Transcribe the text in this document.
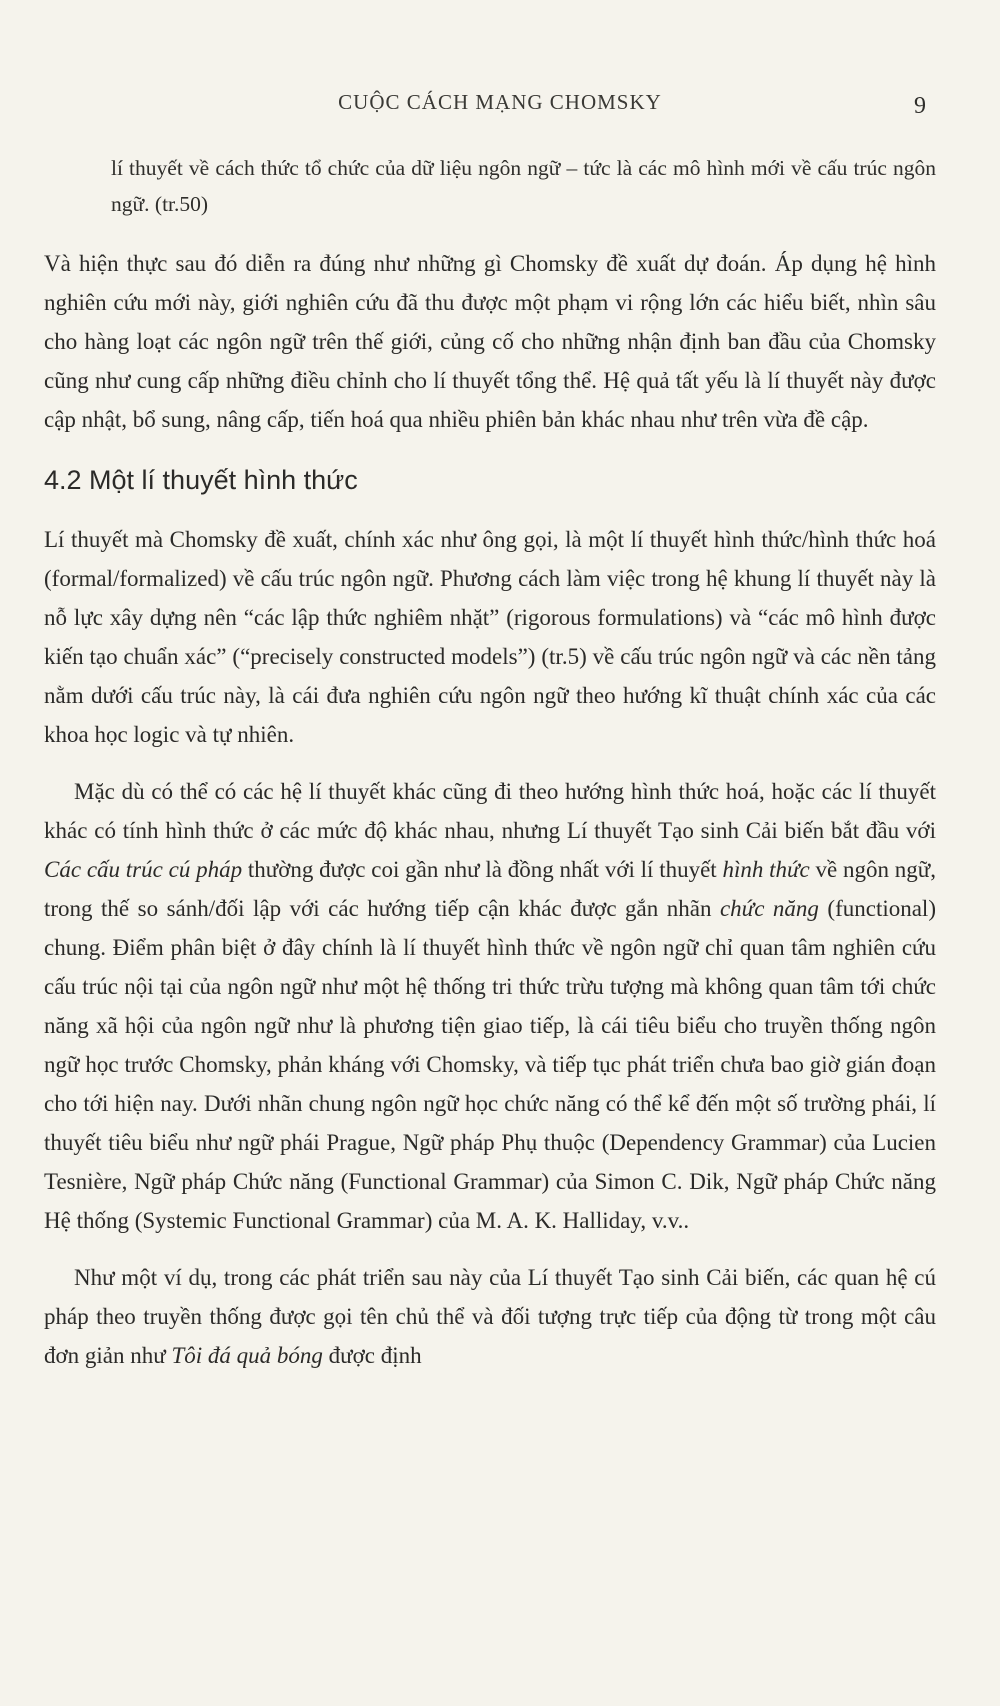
CUỘC CÁCH MẠNG CHOMSKY	9

lí thuyết về cách thức tổ chức của dữ liệu ngôn ngữ – tức là các mô hình mới về cấu trúc ngôn ngữ. (tr.50)

Và hiện thực sau đó diễn ra đúng như những gì Chomsky đề xuất dự đoán. Áp dụng hệ hình nghiên cứu mới này, giới nghiên cứu đã thu được một phạm vi rộng lớn các hiểu biết, nhìn sâu cho hàng loạt các ngôn ngữ trên thế giới, củng cố cho những nhận định ban đầu của Chomsky cũng như cung cấp những điều chỉnh cho lí thuyết tổng thể. Hệ quả tất yếu là lí thuyết này được cập nhật, bổ sung, nâng cấp, tiến hoá qua nhiều phiên bản khác nhau như trên vừa đề cập.

4.2 Một lí thuyết hình thức

Lí thuyết mà Chomsky đề xuất, chính xác như ông gọi, là một lí thuyết hình thức/hình thức hoá (formal/formalized) về cấu trúc ngôn ngữ. Phương cách làm việc trong hệ khung lí thuyết này là nỗ lực xây dựng nên “các lập thức nghiêm nhặt” (rigorous formulations) và “các mô hình được kiến tạo chuẩn xác” (“precisely constructed models”) (tr.5) về cấu trúc ngôn ngữ và các nền tảng nằm dưới cấu trúc này, là cái đưa nghiên cứu ngôn ngữ theo hướng kĩ thuật chính xác của các khoa học logic và tự nhiên.

Mặc dù có thể có các hệ lí thuyết khác cũng đi theo hướng hình thức hoá, hoặc các lí thuyết khác có tính hình thức ở các mức độ khác nhau, nhưng Lí thuyết Tạo sinh Cải biến bắt đầu với Các cấu trúc cú pháp thường được coi gần như là đồng nhất với lí thuyết hình thức về ngôn ngữ, trong thế so sánh/đối lập với các hướng tiếp cận khác được gắn nhãn chức năng (functional) chung. Điểm phân biệt ở đây chính là lí thuyết hình thức về ngôn ngữ chỉ quan tâm nghiên cứu cấu trúc nội tại của ngôn ngữ như một hệ thống tri thức trừu tượng mà không quan tâm tới chức năng xã hội của ngôn ngữ như là phương tiện giao tiếp, là cái tiêu biểu cho truyền thống ngôn ngữ học trước Chomsky, phản kháng với Chomsky, và tiếp tục phát triển chưa bao giờ gián đoạn cho tới hiện nay. Dưới nhãn chung ngôn ngữ học chức năng có thể kể đến một số trường phái, lí thuyết tiêu biểu như ngữ phái Prague, Ngữ pháp Phụ thuộc (Dependency Grammar) của Lucien Tesnière, Ngữ pháp Chức năng (Functional Grammar) của Simon C. Dik, Ngữ pháp Chức năng Hệ thống (Systemic Functional Grammar) của M. A. K. Halliday, v.v..

Như một ví dụ, trong các phát triển sau này của Lí thuyết Tạo sinh Cải biến, các quan hệ cú pháp theo truyền thống được gọi tên chủ thể và đối tượng trực tiếp của động từ trong một câu đơn giản như Tôi đá quả bóng được định
